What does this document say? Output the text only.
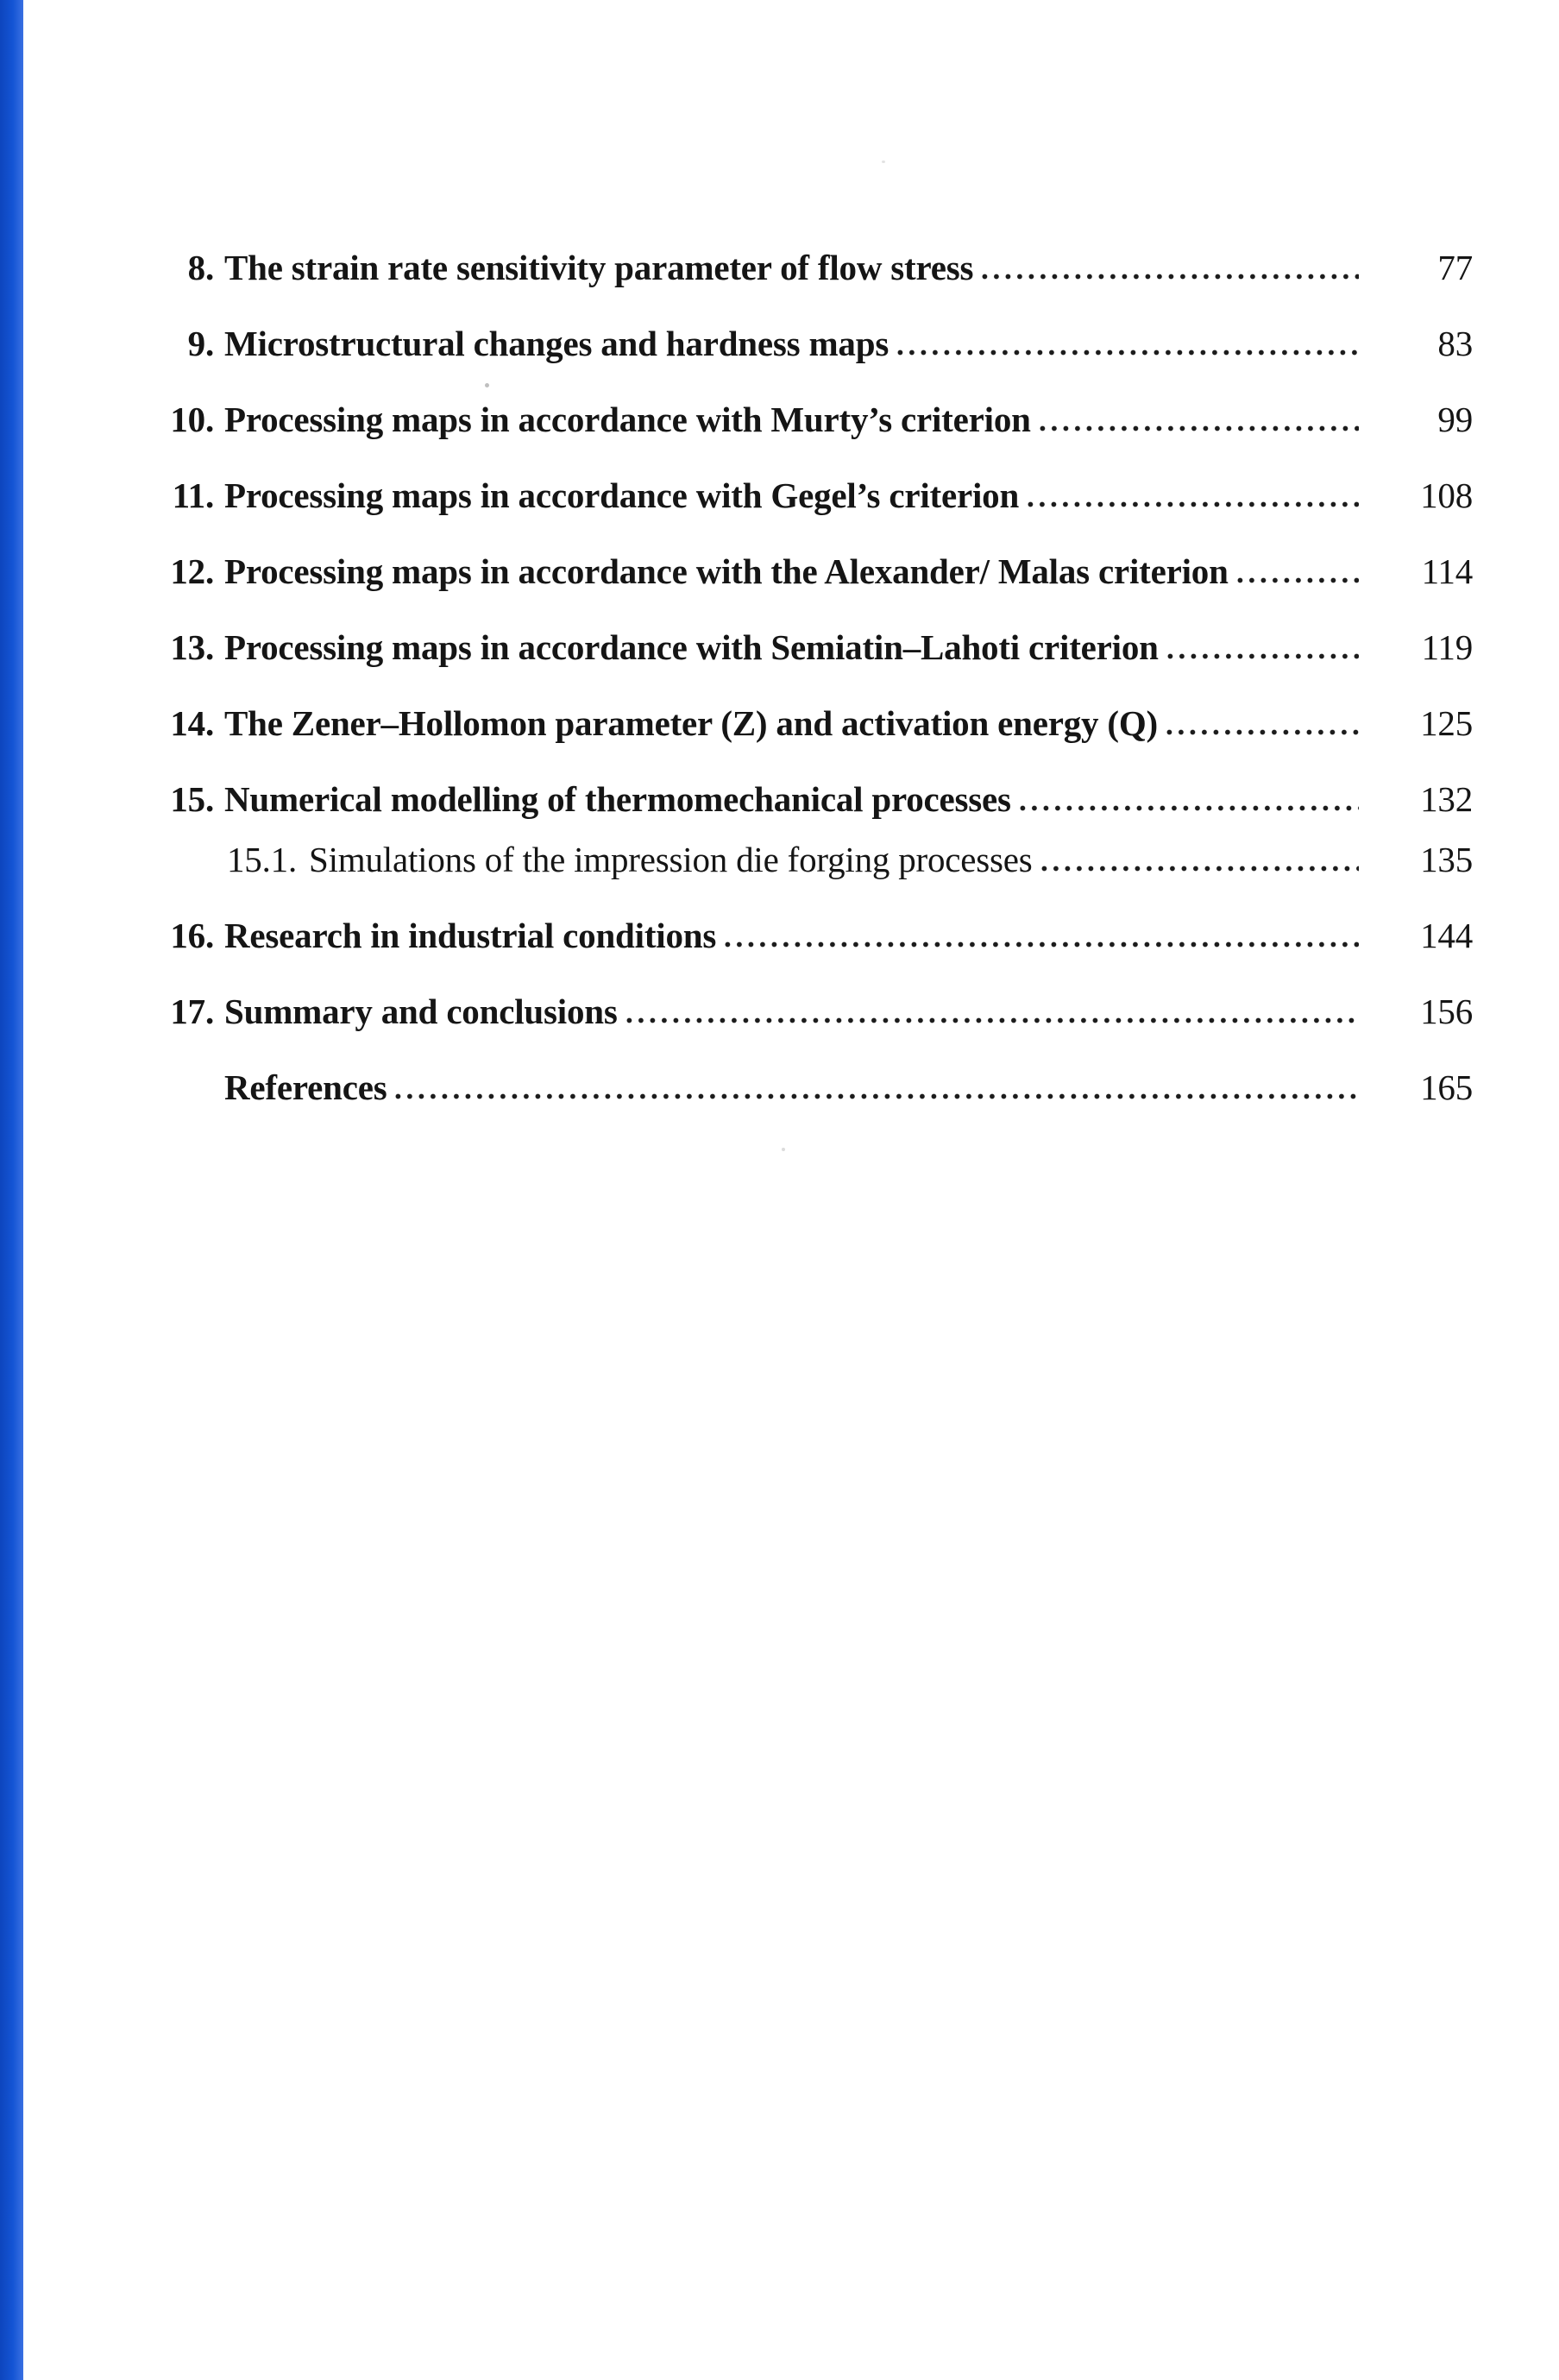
8. The strain rate sensitivity parameter of flow stress	77
9. Microstructural changes and hardness maps	83
10. Processing maps in accordance with Murty’s criterion	99
11. Processing maps in accordance with Gegel’s criterion	108
12. Processing maps in accordance with the Alexander/ Malas criterion	114
13. Processing maps in accordance with Semiatin–Lahoti criterion	119
14. The Zener–Hollomon parameter (Z) and activation energy (Q)	125
15. Numerical modelling of thermomechanical processes	132
15.1. Simulations of the impression die forging processes	135
16. Research in industrial conditions	144
17. Summary and conclusions	156
References	165
